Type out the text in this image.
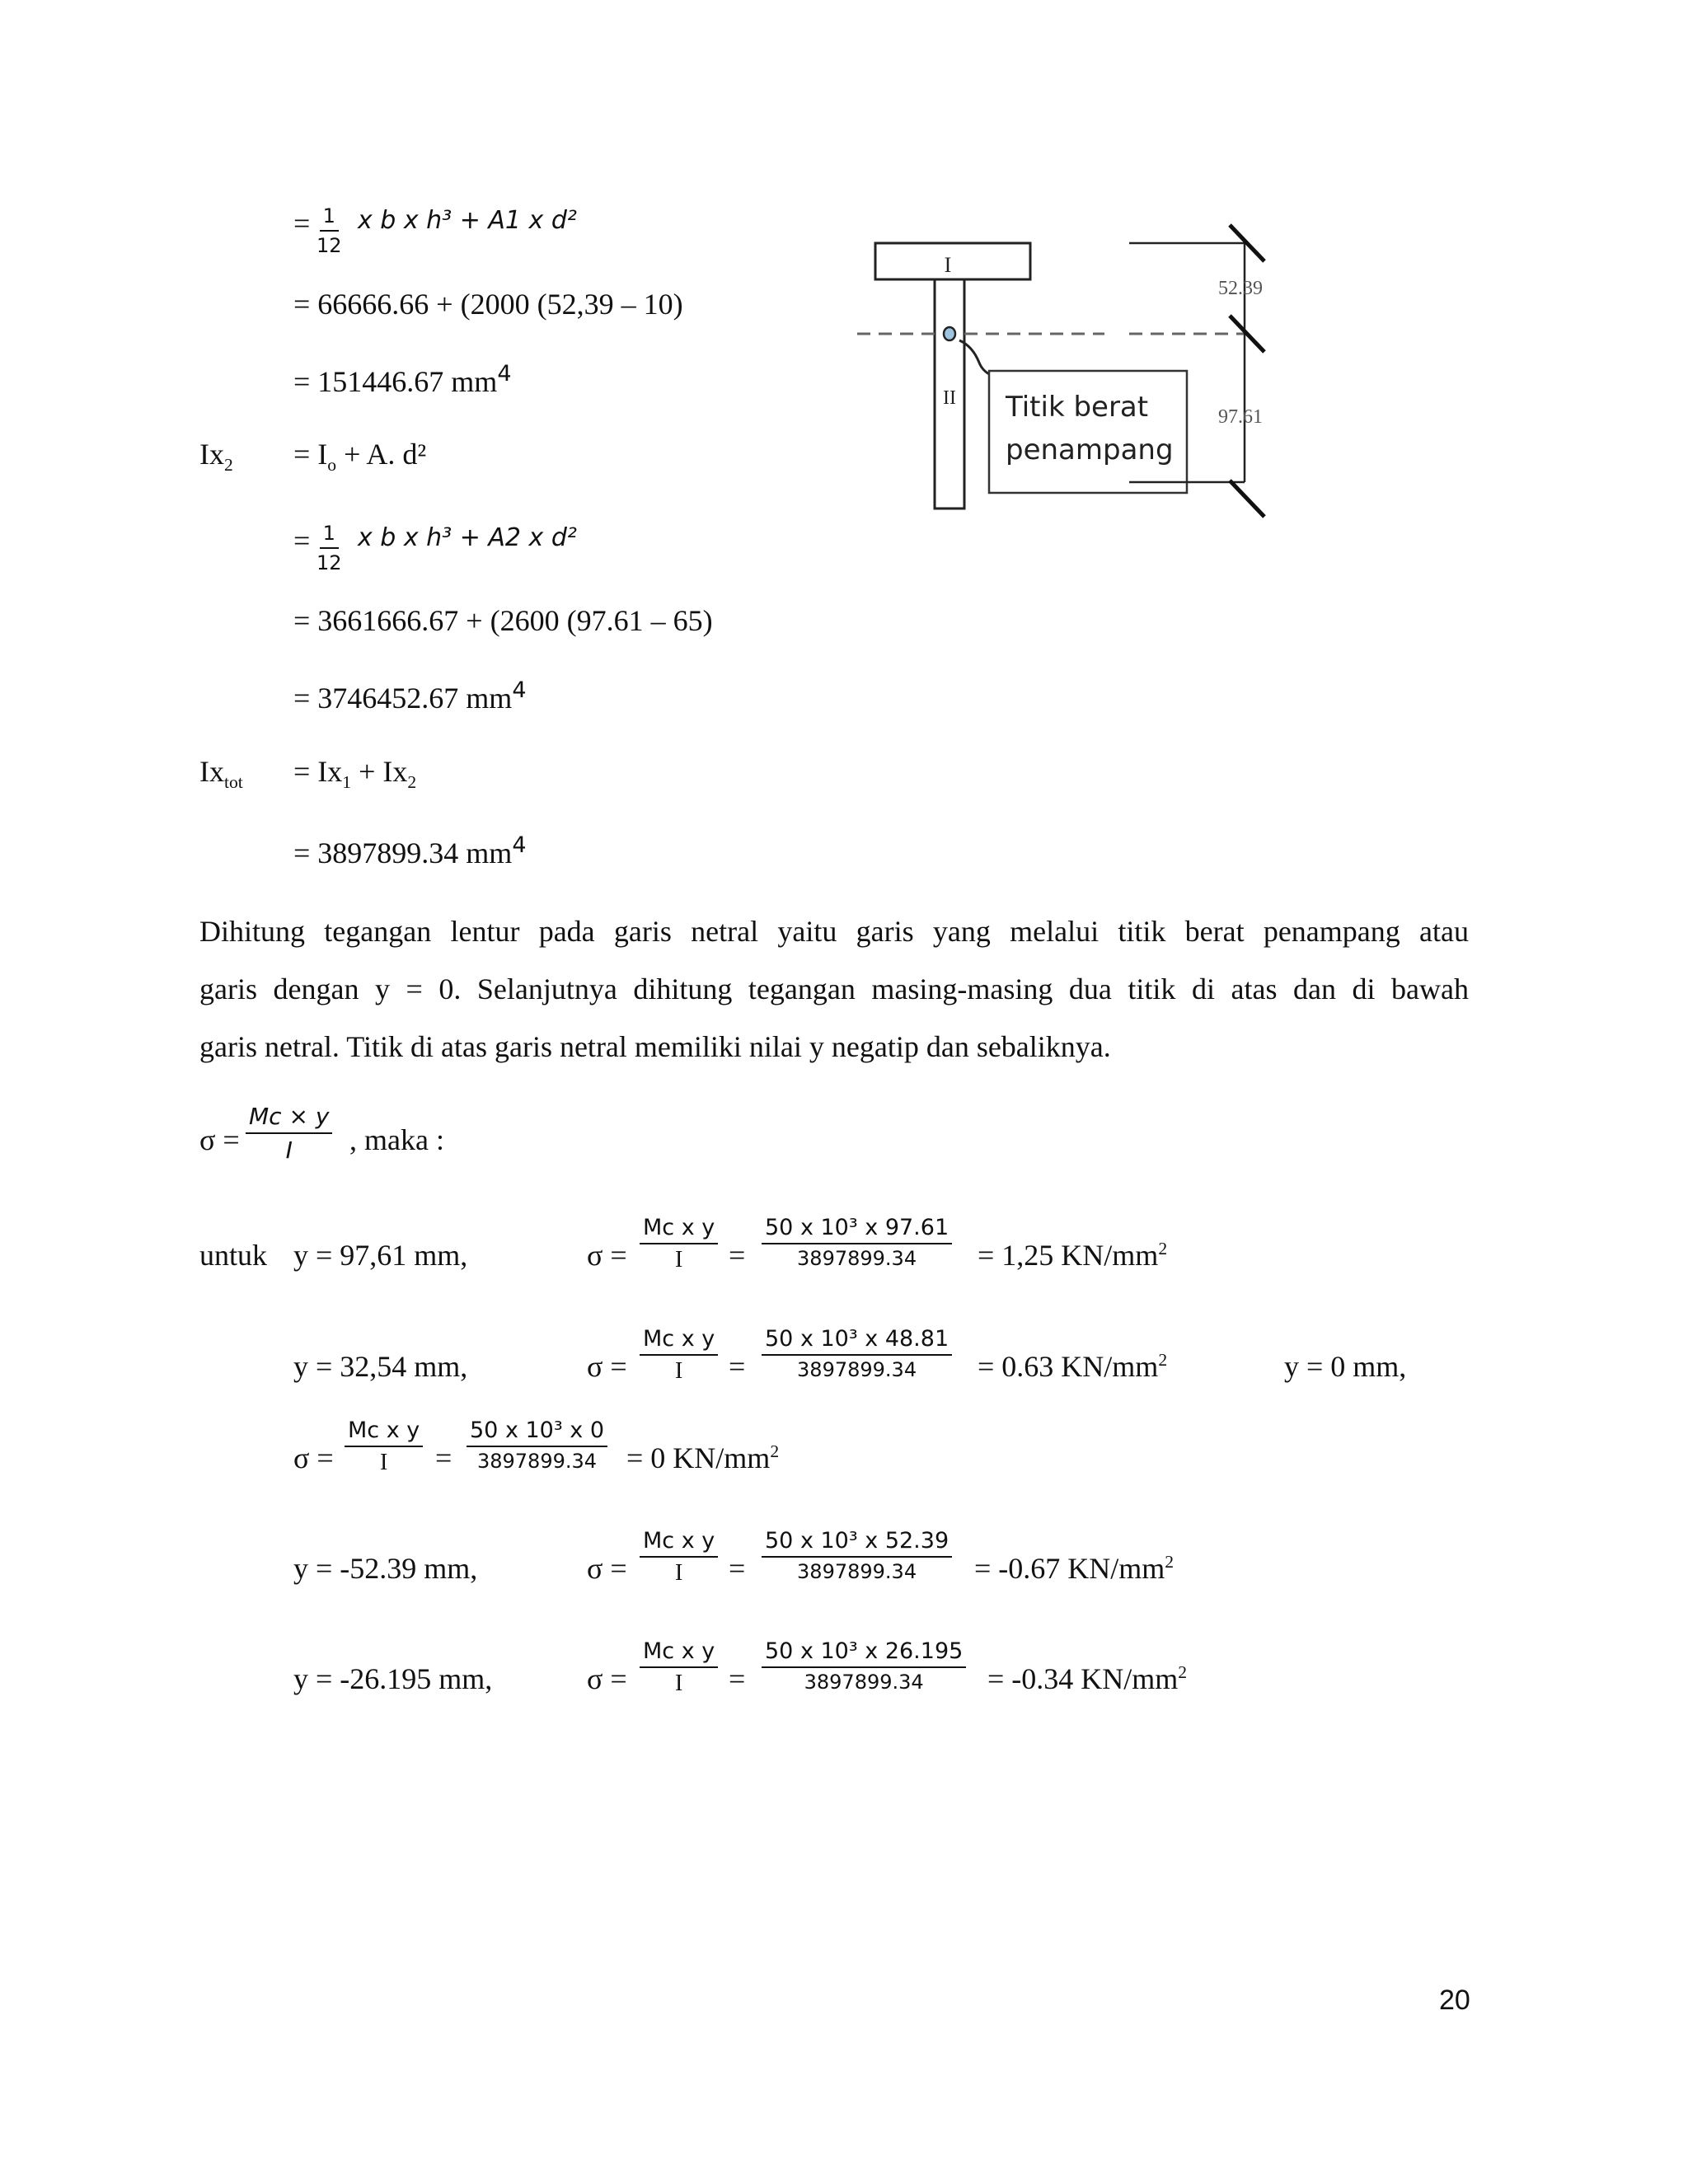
= $\frac{1}{12}$ x b x h³ + A1 x d²
= 66666.66 + (2000 (52,39 – 10)
= 151446.67 $mm^4$
$Ix_2 = I_o + A$. d²
= $\frac{1}{12}$ x b x h³ + A2 x d²
= 3661666.67 + (2600 (97.61 – 65)
= 3746452.67 $mm^4$
$Ix_{tot} = Ix_1 + Ix_2$
= 3897899.34 $mm^4$
I
II Titik berat
penampang
52.39
97.61
Dihitung tegangan lentur pada garis netral yaitu garis yang melalui titik berat penampang atau
garis dengan y = 0. Selanjutnya dihitung tegangan masing-masing dua titik di atas dan di bawah
garis netral. Titik di atas garis netral memiliki nilai y negatip dan sebaliknya.
$\sigma = \frac{Mc \times y}{I}$ , maka :
untuk y = 97,61 mm,	$\sigma = \frac{\text{Mc x y}}{I} = \frac{\text{50 x 10³ x 97.61}}{3897899.34} = 1,25$ $KN/mm^2$
y = 32,54 mm,	$\sigma = \frac{\text{Mc x y}}{I} = \frac{\text{50 x 10³ x 48.81}}{3897899.34} = 0.63$ $KN/mm^2$	y = 0 mm,
$\sigma = \frac{\text{Mc x y}}{I} = \frac{\text{50 x 10³ x 0}}{3897899.34} = 0$ $KN/mm^2$
y = -52.39 mm,	$\sigma = \frac{\text{Mc x y}}{I} = \frac{\text{50 x 10³ x 52.39}}{3897899.34} = -0.67$ $KN/mm^2$
y = -26.195 mm,	$\sigma = \frac{\text{Mc x y}}{I} = \frac{\text{50 x 10³ x 26.195}}{3897899.34} = -0.34$ $KN/mm^2$
20
